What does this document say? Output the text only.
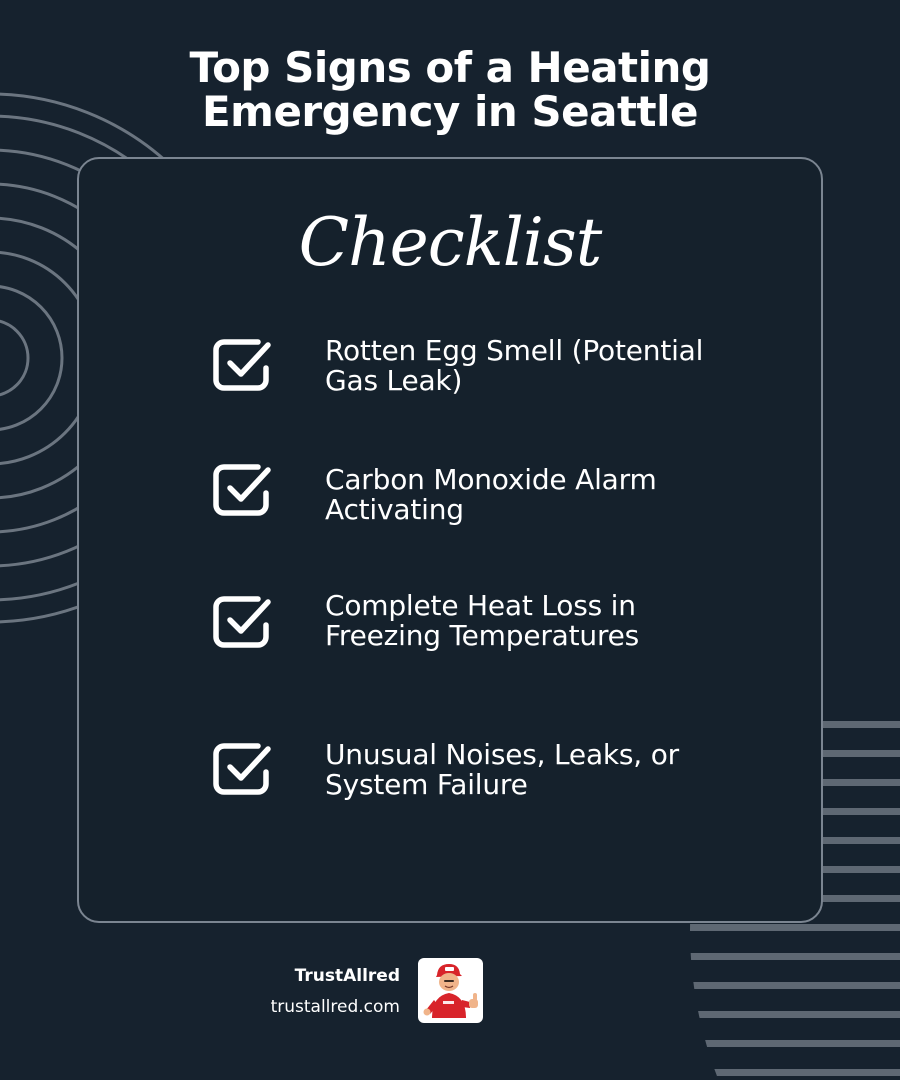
Top Signs of a Heating
Emergency in Seattle
Checklist
Rotten Egg Smell (Potential
Gas Leak)
Carbon Monoxide Alarm
Activating
Complete Heat Loss in
Freezing Temperatures
Unusual Noises, Leaks, or
System Failure
TrustAllred
trustallred.com
